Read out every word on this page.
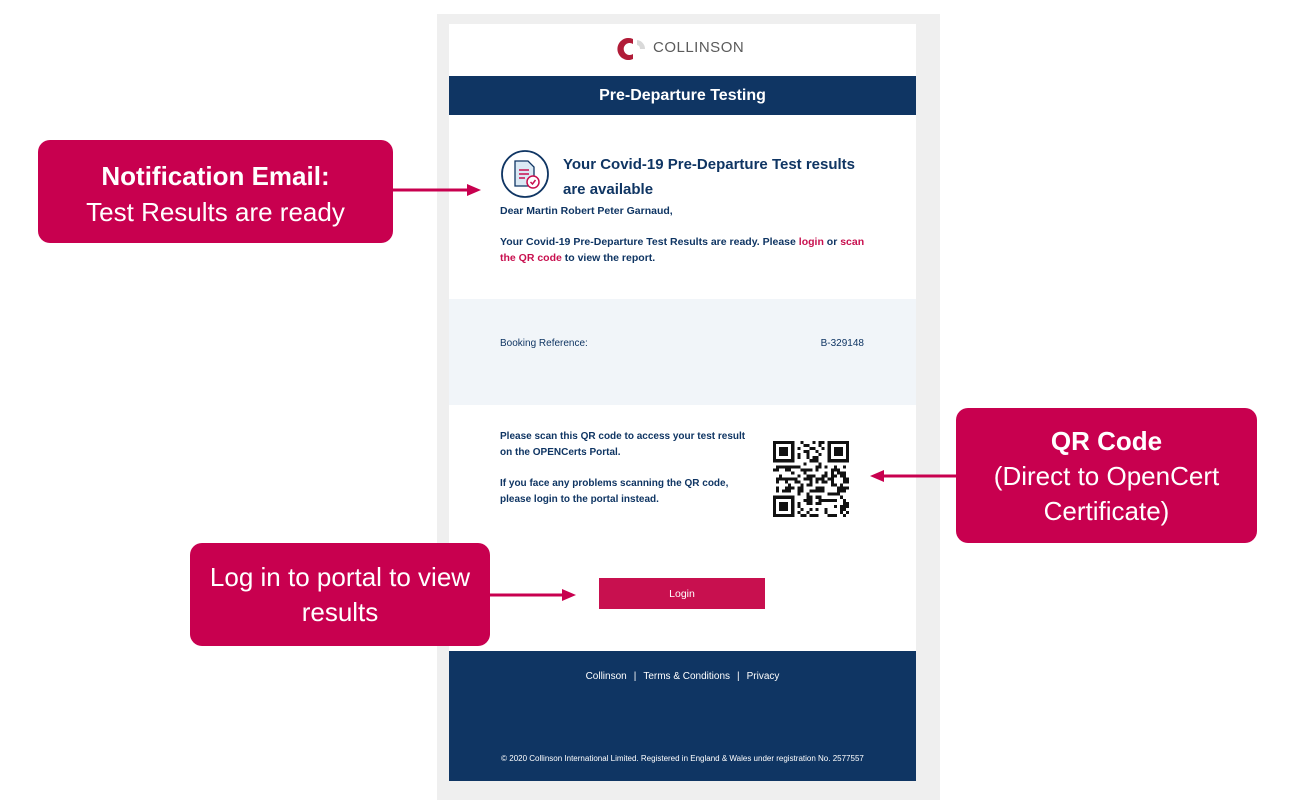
COLLINSON
Pre-Departure Testing
Your Covid-19 Pre-Departure Test results are available
Dear Martin Robert Peter Garnaud,
Your Covid-19 Pre-Departure Test Results are ready. Please login or scan the QR code to view the report.
Booking Reference:	B-329148
Please scan this QR code to access your test result on the OPENCerts Portal.
If you face any problems scanning the QR code, please login to the portal instead.
Login
Collinson | Terms & Conditions | Privacy
© 2020 Collinson International Limited. Registered in England & Wales under registration No. 2577557
Notification Email:
Test Results are ready
QR Code
(Direct to OpenCert Certificate)
Log in to portal to view results
